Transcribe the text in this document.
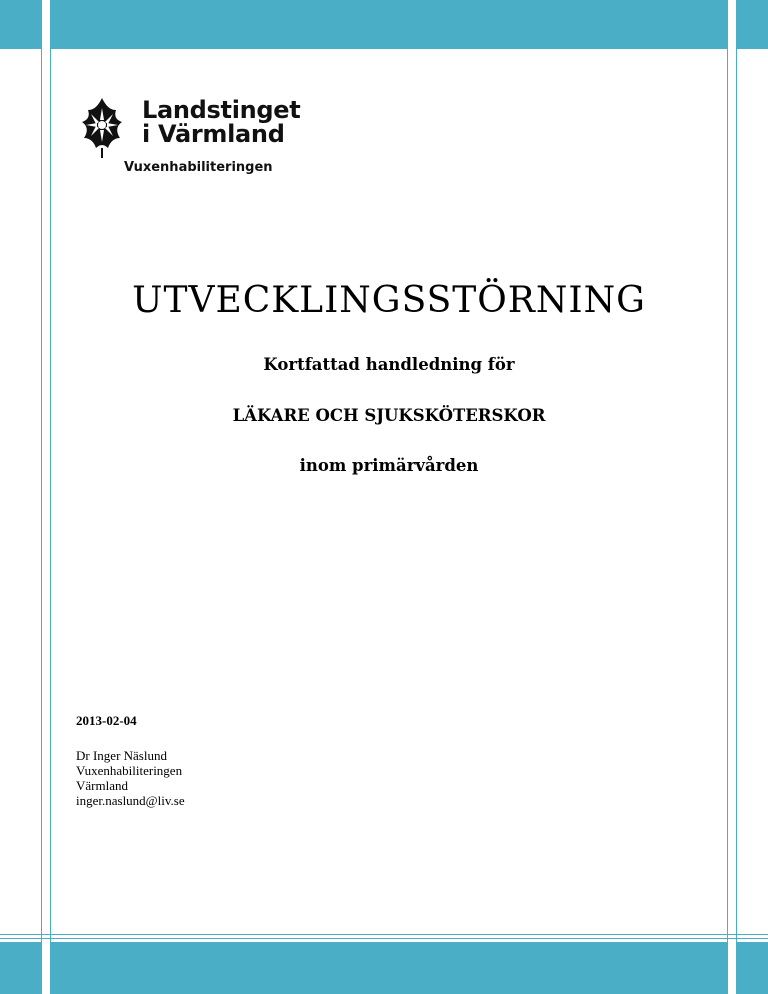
Landstinget
i Värmland
Vuxenhabiliteringen
UTVECKLINGSSTÖRNING
Kortfattad handledning för
LÄKARE OCH SJUKSKÖTERSKOR
inom primärvården
2013-02-04
Dr Inger Näslund
Vuxenhabiliteringen
Värmland
inger.naslund@liv.se
